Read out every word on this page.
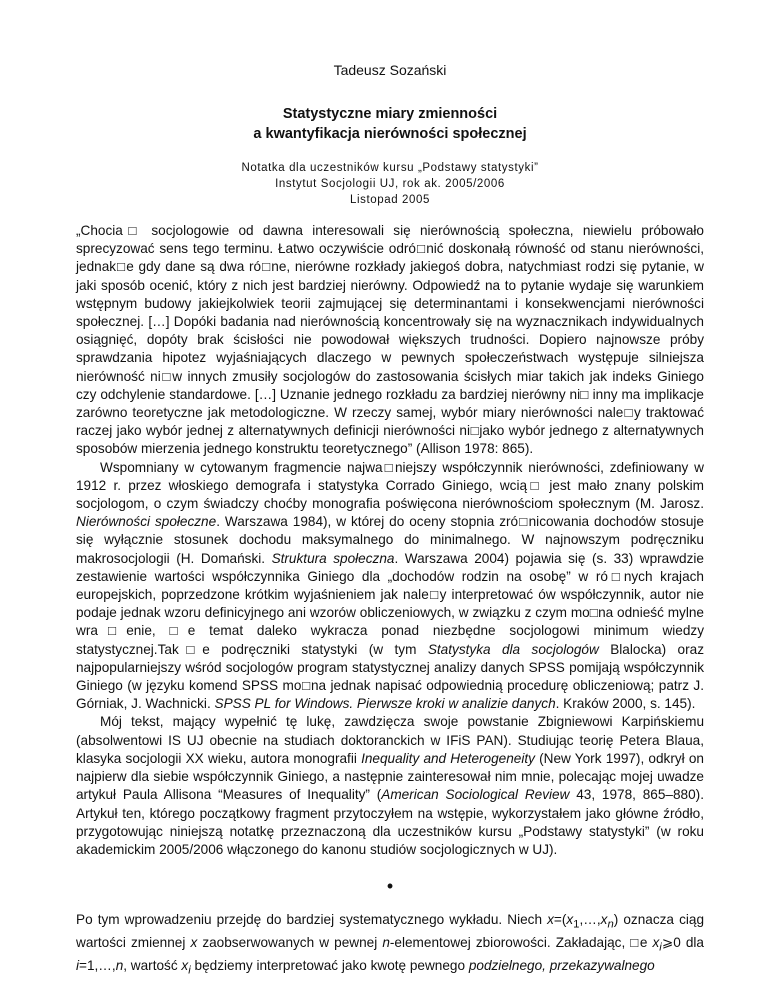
Tadeusz Sozański

Statystyczne miary zmienności
a kwantyfikacja nierówności społecznej
Notatka dla uczestników kursu „Podstawy statystyki”
Instytut Socjologii UJ, rok ak. 2005/2006
Listopad 2005

„Chocia□ socjologowie od dawna interesowali się nierównością społeczna, niewielu próbowało sprecyzować sens tego terminu. Łatwo oczywiście odró□nić doskonałą równość od stanu nierówności, jednak□e gdy dane są dwa ró□ne, nierówne rozkłady jakiegoś dobra, natychmiast rodzi się pytanie, w jaki sposób ocenić, który z nich jest bardziej nierówny. Odpowiedź na to pytanie wydaje się warunkiem wstępnym budowy jakiejkolwiek teorii zajmującej się determinantami i konsekwencjami nierówności społecznej. […] Dopóki badania nad nierównością koncentrowały się na wyznacznikach indywidualnych osiągnięć, dopóty brak ścisłości nie powodował większych trudności. Dopiero najnowsze próby sprawdzania hipotez wyjaśniających dlaczego w pewnych społeczeństwach występuje silniejsza nierówność ni□w innych zmusiły socjologów do zastosowania ścisłych miar takich jak indeks Giniego czy odchylenie standardowe. […] Uznanie jednego rozkładu za bardziej nierówny ni□ inny ma implikacje zarówno teoretyczne jak metodologiczne. W rzeczy samej, wybór miary nierówności nale□y traktować raczej jako wybór jednej z alternatywnych definicji nierówności ni□jako wybór jednego z alternatywnych sposobów mierzenia jednego konstruktu teoretycznego” (Allison 1978: 865).

Wspomniany w cytowanym fragmencie najwa□niejszy współczynnik nierówności, zdefiniowany w 1912 r. przez włoskiego demografa i statystyka Corrado Giniego, wcią□ jest mało znany polskim socjologom, o czym świadczy choćby monografia poświęcona nierównościom społecznym (M. Jarosz. Nierówności społeczne. Warszawa 1984), w której do oceny stopnia zró□nicowania dochodów stosuje się wyłącznie stosunek dochodu maksymalnego do minimalnego. W najnowszym podręczniku makrosocjologii (H. Domański. Struktura społeczna. Warszawa 2004) pojawia się (s. 33) wprawdzie zestawienie wartości współczynnika Giniego dla „dochodów rodzin na osobę” w ró□nych krajach europejskich, poprzedzone krótkim wyjaśnieniem jak nale□y interpretować ów współczynnik, autor nie podaje jednak wzoru definicyjnego ani wzorów obliczeniowych, w związku z czym mo□na odnieść mylne wra□enie, □e temat daleko wykracza ponad niezbędne socjologowi minimum wiedzy statystycznej.Tak□e podręczniki statystyki (w tym Statystyka dla socjologów Blalocka) oraz najpopularniejszy wśród socjologów program statystycznej analizy danych SPSS pomijają współczynnik Giniego (w języku komend SPSS mo□na jednak napisać odpowiednią procedurę obliczeniową; patrz J. Górniak, J. Wachnicki. SPSS PL for Windows. Pierwsze kroki w analizie danych. Kraków 2000, s. 145).

Mój tekst, mający wypełnić tę lukę, zawdzięcza swoje powstanie Zbigniewowi Karpińskiemu (absolwentowi IS UJ obecnie na studiach doktoranckich w IFiS PAN). Studiując teorię Petera Blaua, klasyka socjologii XX wieku, autora monografii Inequality and Heterogeneity (New York 1997), odkrył on najpierw dla siebie współczynnik Giniego, a następnie zainteresował nim mnie, polecając mojej uwadze artykuł Paula Allisona “Measures of Inequality” (American Sociological Review 43, 1978, 865–880). Artykuł ten, którego początkowy fragment przytoczyłem na wstępie, wykorzystałem jako główne źródło, przygotowując niniejszą notatkę przeznaczoną dla uczestników kursu „Podstawy statystyki” (w roku akademickim 2005/2006 włączonego do kanonu studiów socjologicznych w UJ).

•

Po tym wprowadzeniu przejdę do bardziej systematycznego wykładu. Niech $x=(x_1,\dots,x_n)$ oznacza ciąg wartości zmiennej x zaobserwowanych w pewnej n-elementowej zbiorowości. Zakładając, □e $x_i⩾0$ dla i=1,…,n, wartość $x_i$ będziemy interpretować jako kwotę pewnego podzielnego, przekazywalnego
